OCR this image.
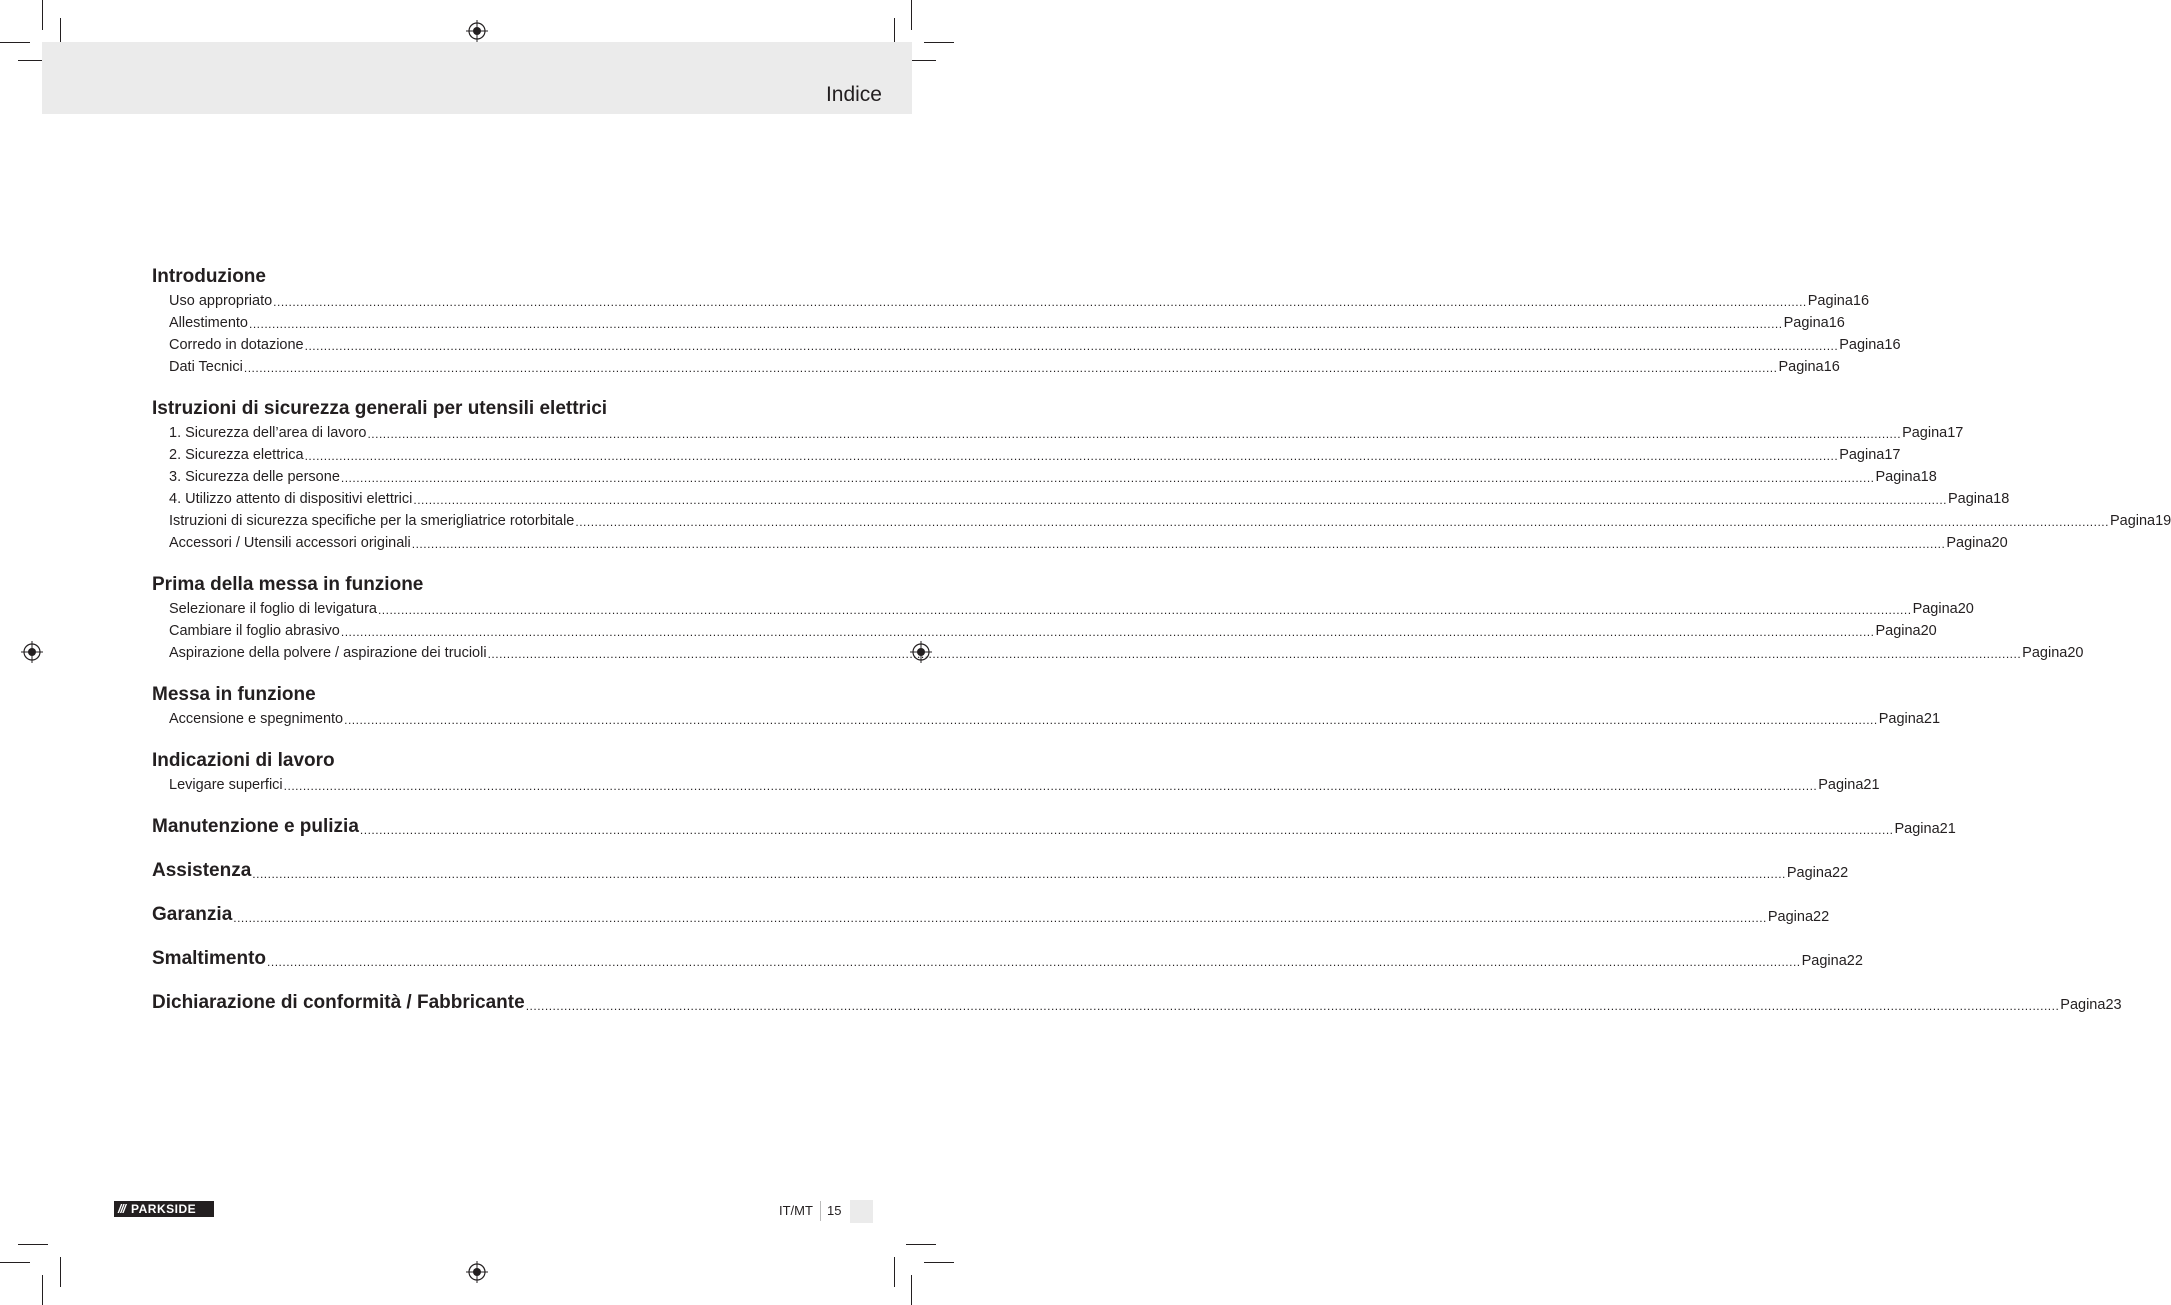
Indice
Introduzione
Uso appropriato ................................................................................................................................................................................................................................................................................................................................................................................................................ Pagina 16
Allestimento ................................................................................................................................................................................................................................................................................................................................................................................................................ Pagina 16
Corredo in dotazione ................................................................................................................................................................................................................................................................................................................................................................................................................ Pagina 16
Dati Tecnici ................................................................................................................................................................................................................................................................................................................................................................................................................ Pagina 16
Istruzioni di sicurezza generali per utensili elettrici
1. Sicurezza dell’area di lavoro ................................................................................................................................................................................................................................................................................................................................................................................................................ Pagina 17
2. Sicurezza elettrica ................................................................................................................................................................................................................................................................................................................................................................................................................ Pagina 17
3. Sicurezza delle persone ................................................................................................................................................................................................................................................................................................................................................................................................................ Pagina 18
4. Utilizzo attento di dispositivi elettrici ................................................................................................................................................................................................................................................................................................................................................................................................................ Pagina 18
Istruzioni di sicurezza specifiche per la smerigliatrice rotorbitale ................................................................................................................................................................................................................................................................................................................................................................................................................ Pagina 19
Accessori / Utensili accessori originali ................................................................................................................................................................................................................................................................................................................................................................................................................ Pagina 20
Prima della messa in funzione
Selezionare il foglio di levigatura ................................................................................................................................................................................................................................................................................................................................................................................................................ Pagina 20
Cambiare il foglio abrasivo ................................................................................................................................................................................................................................................................................................................................................................................................................ Pagina 20
Aspirazione della polvere / aspirazione dei trucioli ................................................................................................................................................................................................................................................................................................................................................................................................................ Pagina 20
Messa in funzione
Accensione e spegnimento ................................................................................................................................................................................................................................................................................................................................................................................................................ Pagina 21
Indicazioni di lavoro
Levigare superfici ................................................................................................................................................................................................................................................................................................................................................................................................................ Pagina 21
Manutenzione e pulizia ................................................................................................................................................................................................................................................................................................................................................................................................................ Pagina 21
Assistenza ................................................................................................................................................................................................................................................................................................................................................................................................................ Pagina 22
Garanzia ................................................................................................................................................................................................................................................................................................................................................................................................................ Pagina 22
Smaltimento ................................................................................................................................................................................................................................................................................................................................................................................................................ Pagina 22
Dichiarazione di conformità / Fabbricante ................................................................................................................................................................................................................................................................................................................................................................................................................ Pagina 23
/// PARKSIDE	IT/MT 15
